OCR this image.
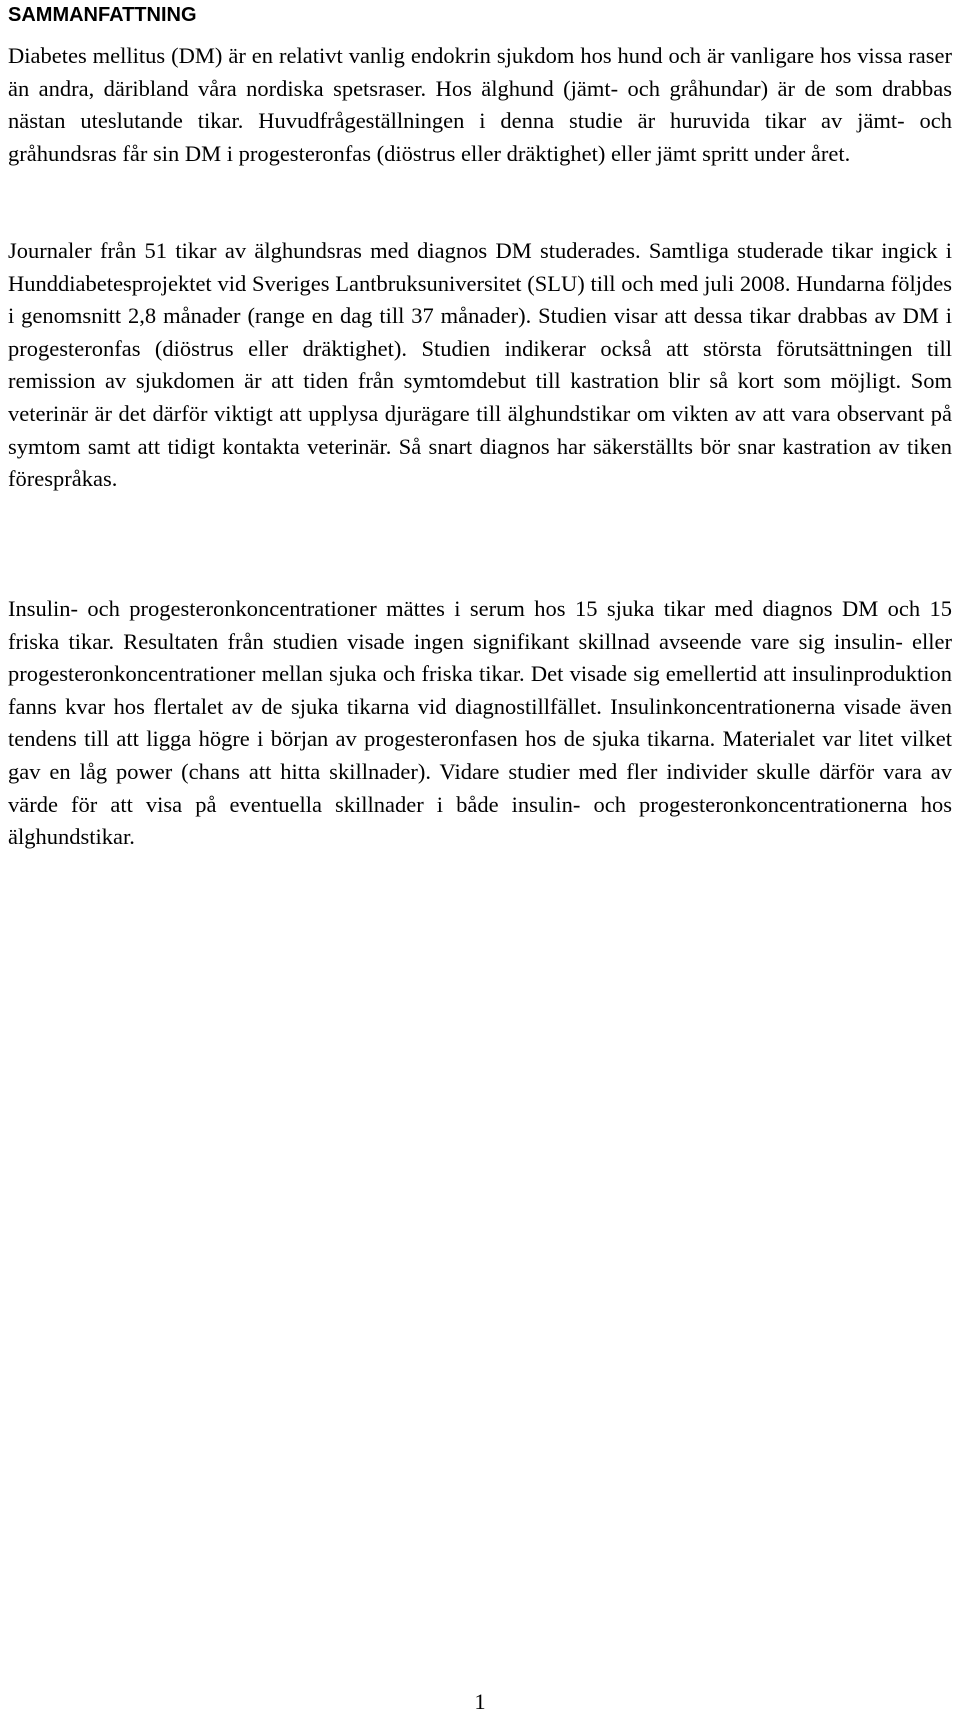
SAMMANFATTNING

Diabetes mellitus (DM) är en relativt vanlig endokrin sjukdom hos hund och är vanligare hos vissa raser än andra, däribland våra nordiska spetsraser. Hos älghund (jämt- och gråhundar) är de som drabbas nästan uteslutande tikar. Huvudfrågeställningen i denna studie är huruvida tikar av jämt- och gråhundsras får sin DM i progesteronfas (diöstrus eller dräktighet) eller jämt spritt under året.

Journaler från 51 tikar av älghundsras med diagnos DM studerades. Samtliga studerade tikar ingick i Hunddiabetesprojektet vid Sveriges Lantbruksuniversitet (SLU) till och med juli 2008. Hundarna följdes i genomsnitt 2,8 månader (range en dag till 37 månader). Studien visar att dessa tikar drabbas av DM i progesteronfas (diöstrus eller dräktighet). Studien indikerar också att största förutsättningen till remission av sjukdomen är att tiden från symtomdebut till kastration blir så kort som möjligt. Som veterinär är det därför viktigt att upplysa djurägare till älghundstikar om vikten av att vara observant på symtom samt att tidigt kontakta veterinär. Så snart diagnos har säkerställts bör snar kastration av tiken förespråkas.

Insulin- och progesteronkoncentrationer mättes i serum hos 15 sjuka tikar med diagnos DM och 15 friska tikar. Resultaten från studien visade ingen signifikant skillnad avseende vare sig insulin- eller progesteronkoncentrationer mellan sjuka och friska tikar. Det visade sig emellertid att insulinproduktion fanns kvar hos flertalet av de sjuka tikarna vid diagnostillfället. Insulinkoncentrationerna visade även tendens till att ligga högre i början av progesteronfasen hos de sjuka tikarna. Materialet var litet vilket gav en låg power (chans att hitta skillnader). Vidare studier med fler individer skulle därför vara av värde för att visa på eventuella skillnader i både insulin- och progesteronkoncentrationerna hos älghundstikar.

1
